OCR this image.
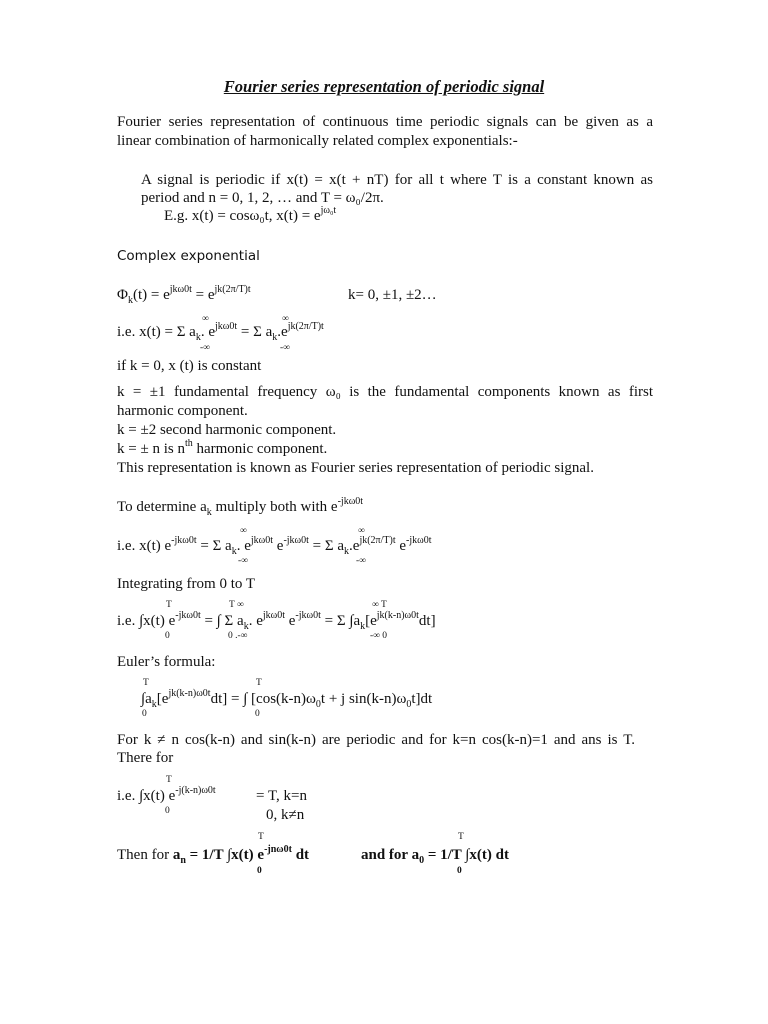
Fourier series representation of periodic signal
Fourier series representation of continuous time periodic signals can be given as a
linear combination of harmonically related complex exponentials:-
A signal is periodic if x(t) = x(t + nT) for all t where T is a constant known as
period and n = 0, 1, 2, … and T = ω₀/2π.
E.g. x(t) = cosω₀t, $x(t) = e^{j\omega_0t}$
Complex exponential
$\Phi_k(t) = e^{jk\omega 0t} = e^{jk(2\pi/T)t}$	k= 0, ±1, ±2…
∞	∞
i.e. x(t) = Σ $a_k$. $e^{jk\omega 0t} = \Sigma$ $a_k.e^{jk(2\pi/T)t}$
-∞	-∞
if k = 0, x (t) is constant
k = ±1 fundamental frequency ω₀ is the fundamental components known as first
harmonic component.
k = ±2 second harmonic component.
k = ± n is $n^{th}$ harmonic component.
This representation is known as Fourier series representation of periodic signal.
To determine $a_k$ multiply both with $e^{-jk\omega 0t}$
∞	∞
i.e. x(t) $e^{-jk\omega 0t} = \Sigma$ $a_k$. $e^{jk\omega 0t}$ $e^{-jk\omega 0t} = \Sigma$ $a_k.e^{jk(2\pi/T)t}$ $e^{-jk\omega 0t}$
-∞	-∞
Integrating from 0 to T
T	T ∞	∞ T
i.e. ∫x(t) $e^{-jk\omega 0t}$ = ∫ Σ $a_k$. $e^{jk\omega 0t}$ $e^{-jk\omega 0t} = \Sigma$ $\int a_k[e^{jk(k-n)\omega 0t}dt]$
0	0 .-∞	-∞ 0
Euler’s formula:
T	T
$\int a_k[e^{jk(k-n)\omega 0t}dt]$ = ∫ [$\cos(k-n)\omega_0t + j$ $\sin(k-n)\omega_0t]dt$
0	0
For k ≠ n cos(k-n) and sin(k-n) are periodic and for k=n cos(k-n)=1 and ans is T.
There for
T
i.e. ∫x(t) $e^{-j(k-n)\omega 0t}$	= T, k=n
0	0, k≠n
T	T
Then for $a_n = 1/T$ ∫x(t) $e^{-jn\omega 0t}$ dt	and for $a_0 = 1/T$ ∫x(t) dt
0	0
